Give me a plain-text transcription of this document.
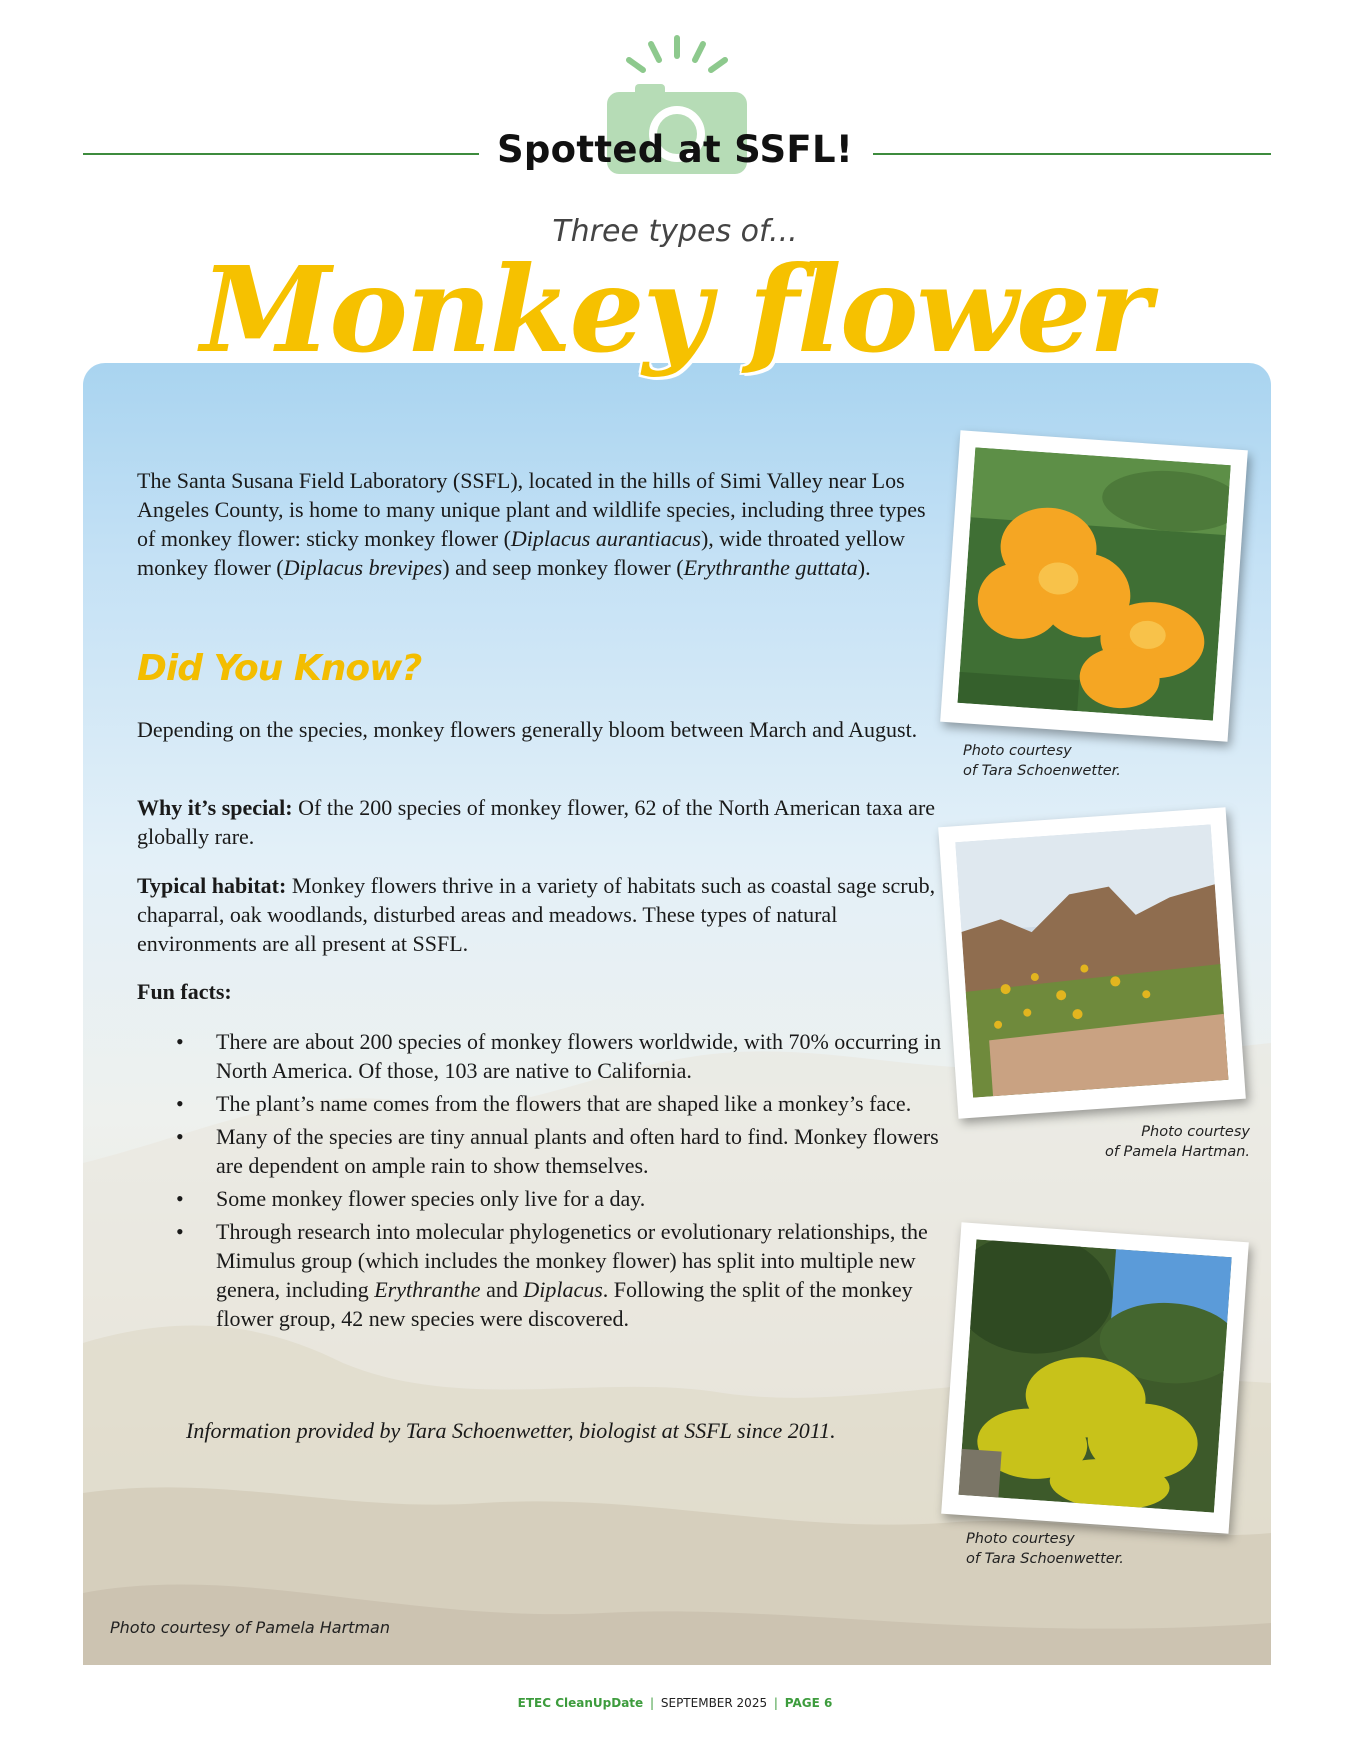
Spotted at SSFL!
Three types of...
Monkey flower

The Santa Susana Field Laboratory (SSFL), located in the hills of Simi Valley near Los Angeles County, is home to many unique plant and wildlife species, including three types of monkey flower: sticky monkey flower (Diplacus aurantiacus), wide throated yellow monkey flower (Diplacus brevipes) and seep monkey flower (Erythranthe guttata).

Did You Know?

Depending on the species, monkey flowers generally bloom between March and August.

Why it’s special: Of the 200 species of monkey flower, 62 of the North American taxa are globally rare.

Typical habitat: Monkey flowers thrive in a variety of habitats such as coastal sage scrub, chaparral, oak woodlands, disturbed areas and meadows. These types of natural environments are all present at SSFL.

Fun facts:

• There are about 200 species of monkey flowers worldwide, with 70% occurring in North America. Of those, 103 are native to California.
• The plant’s name comes from the flowers that are shaped like a monkey’s face.
• Many of the species are tiny annual plants and often hard to find. Monkey flowers are dependent on ample rain to show themselves.
• Some monkey flower species only live for a day.
• Through research into molecular phylogenetics or evolutionary relationships, the Mimulus group (which includes the monkey flower) has split into multiple new genera, including Erythranthe and Diplacus. Following the split of the monkey flower group, 42 new species were discovered.

Information provided by Tara Schoenwetter, biologist at SSFL since 2011.

Photo courtesy of Pamela Hartman
Photo courtesy
of Tara Schoenwetter.
Photo courtesy
of Pamela Hartman.
Photo courtesy
of Tara Schoenwetter.
ETEC CleanUpDate | SEPTEMBER 2025 | PAGE 6
